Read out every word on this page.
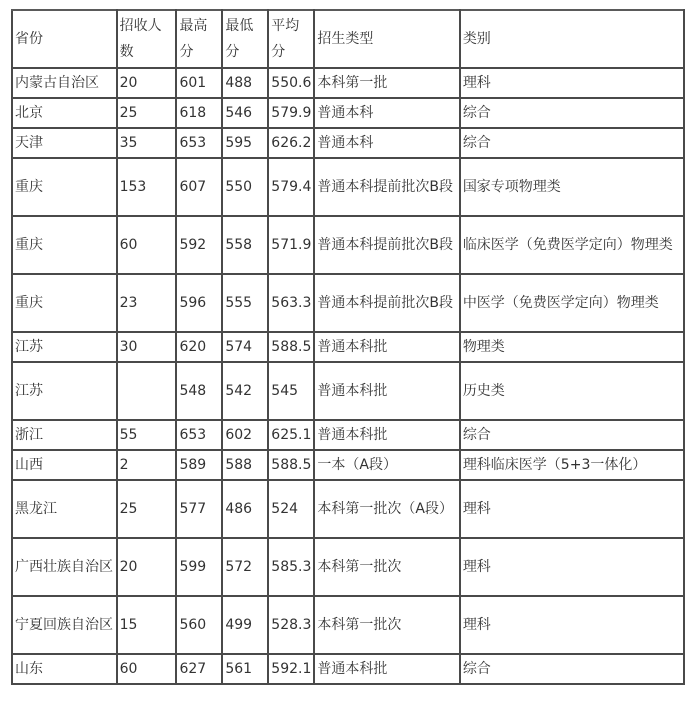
省份	招收人数	最高分	最低分	平均分	招生类型	类别
内蒙古自治区	20	601	488	550.6	本科第一批	理科
北京	25	618	546	579.9	普通本科	综合
天津	35	653	595	626.2	普通本科	综合
重庆	153	607	550	579.4	普通本科提前批次B段	国家专项物理类
重庆	60	592	558	571.9	普通本科提前批次B段	临床医学（免费医学定向）物理类
重庆	23	596	555	563.3	普通本科提前批次B段	中医学（免费医学定向）物理类
江苏	30	620	574	588.5	普通本科批	物理类
江苏		548	542	545	普通本科批	历史类
浙江	55	653	602	625.1	普通本科批	综合
山西	2	589	588	588.5	一本（A段）	理科临床医学（5+3一体化）
黑龙江	25	577	486	524	本科第一批次（A段）	理科
广西壮族自治区	20	599	572	585.3	本科第一批次	理科
宁夏回族自治区	15	560	499	528.3	本科第一批次	理科
山东	60	627	561	592.1	普通本科批	综合
